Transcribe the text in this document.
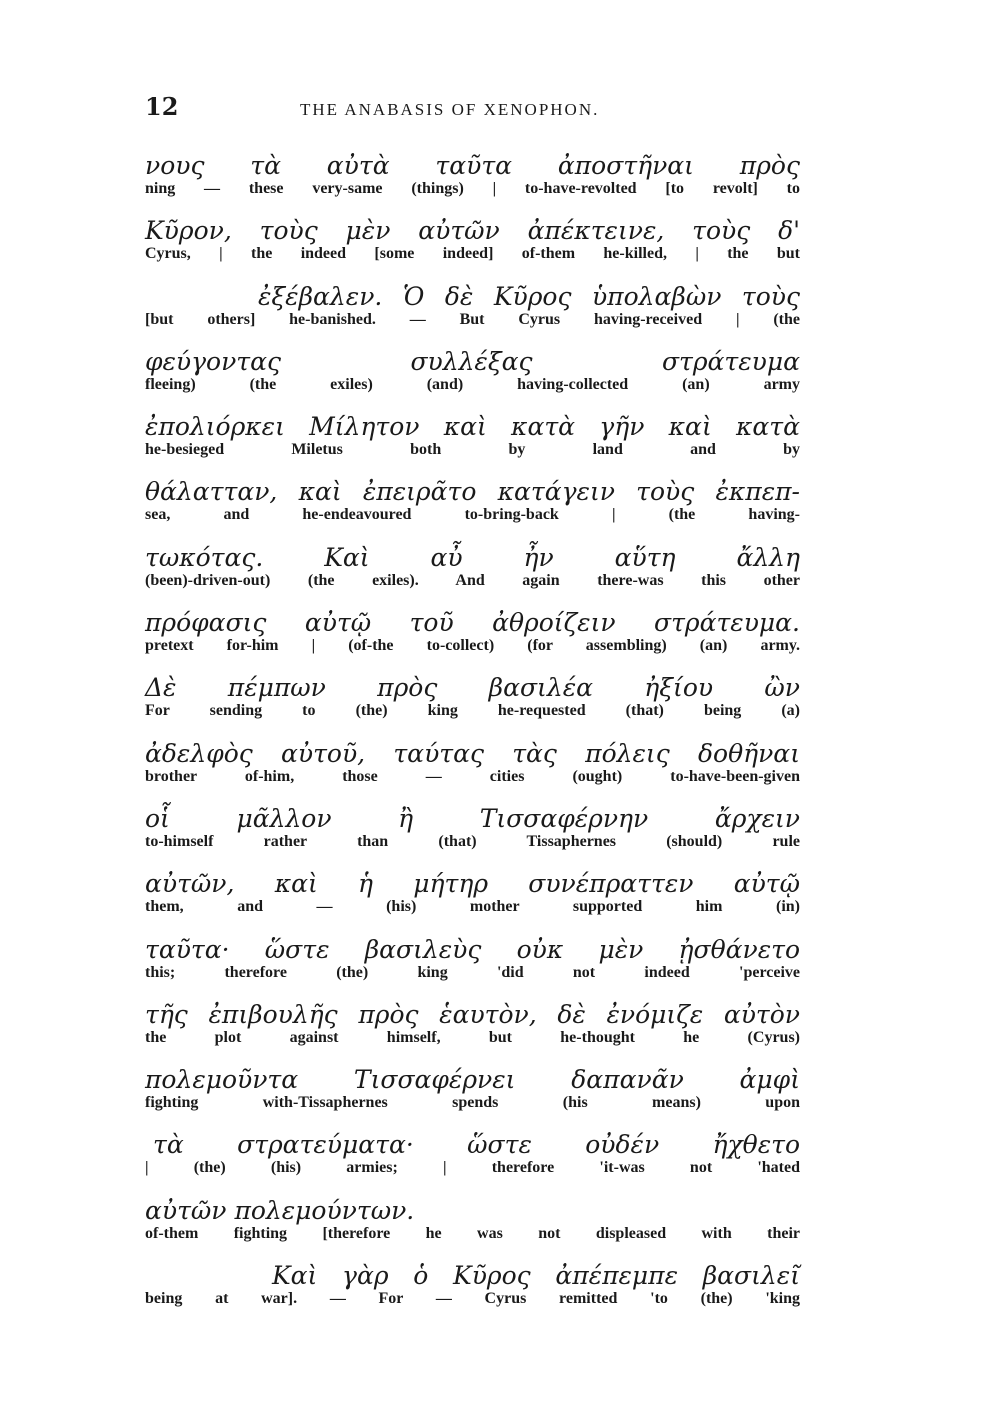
12	THE ANABASIS OF XENOPHON.
νους τὰ αὐτὰ ταῦτα ἀποστῆναι πρὸς
ning — these very-same (things) | to-have-revolted [to revolt] to
Κῦρον, τοὺς μὲν αὐτῶν ἀπέκτεινε, τοὺς δ'
Cyrus, | the indeed [some indeed] of-them he-killed, | the but
ἐξέβαλεν. Ὁ δὲ Κῦρος ὑπολαβὼν τοὺς
[but others] he-banished. — But Cyrus having-received | (the
φεύγοντας συλλέξας στράτευμα
fleeing) (the exiles) (and) having-collected (an) army
ἐπολιόρκει Μίλητον καὶ κατὰ γῆν καὶ κατὰ
he-besieged Miletus both by land and by
θάλατταν, καὶ ἐπειρᾶτο κατάγειν τοὺς ἐκπεπ-
sea, and he-endeavoured to-bring-back | (the having-
τωκότας. Καὶ αὖ ἦν αὕτη ἄλλη
(been)-driven-out) (the exiles). And again there-was this other
πρόφασις αὐτῷ τοῦ ἀθροίζειν στράτευμα.
pretext for-him | (of-the to-collect) (for assembling) (an) army.
Δὲ πέμπων πρὸς βασιλέα ἠξίου ὢν
For sending to (the) king he-requested (that) being (a)
ἀδελφὸς αὐτοῦ, ταύτας τὰς πόλεις δοθῆναι
brother of-him, those — cities (ought) to-have-been-given
οἷ μᾶλλον ἢ Τισσαφέρνην ἄρχειν
to-himself rather than (that) Tissaphernes (should) rule
αὐτῶν, καὶ ἡ μήτηρ συνέπραττεν αὐτῷ
them, and — (his) mother supported him (in)
ταῦτα· ὥστε βασιλεὺς οὐκ μὲν ᾐσθάνετο
this; therefore (the) king 'did not indeed 'perceive
τῆς ἐπιβουλῆς πρὸς ἑαυτὸν, δὲ ἐνόμιζε αὐτὸν
the plot against himself, but he-thought he (Cyrus)
πολεμοῦντα Τισσαφέρνει δαπανᾶν ἀμφὶ
fighting with-Tissaphernes spends (his means) upon
τὰ στρατεύματα· ὥστε οὐδέν ἤχθετο
| (the) (his) armies; | therefore 'it-was not 'hated
αὐτῶν πολεμούντων.
of-them fighting [therefore he was not displeased with their
Καὶ γὰρ ὁ Κῦρος ἀπέπεμπε βασιλεῖ
being at war]. — For — Cyrus remitted 'to (the) 'king
